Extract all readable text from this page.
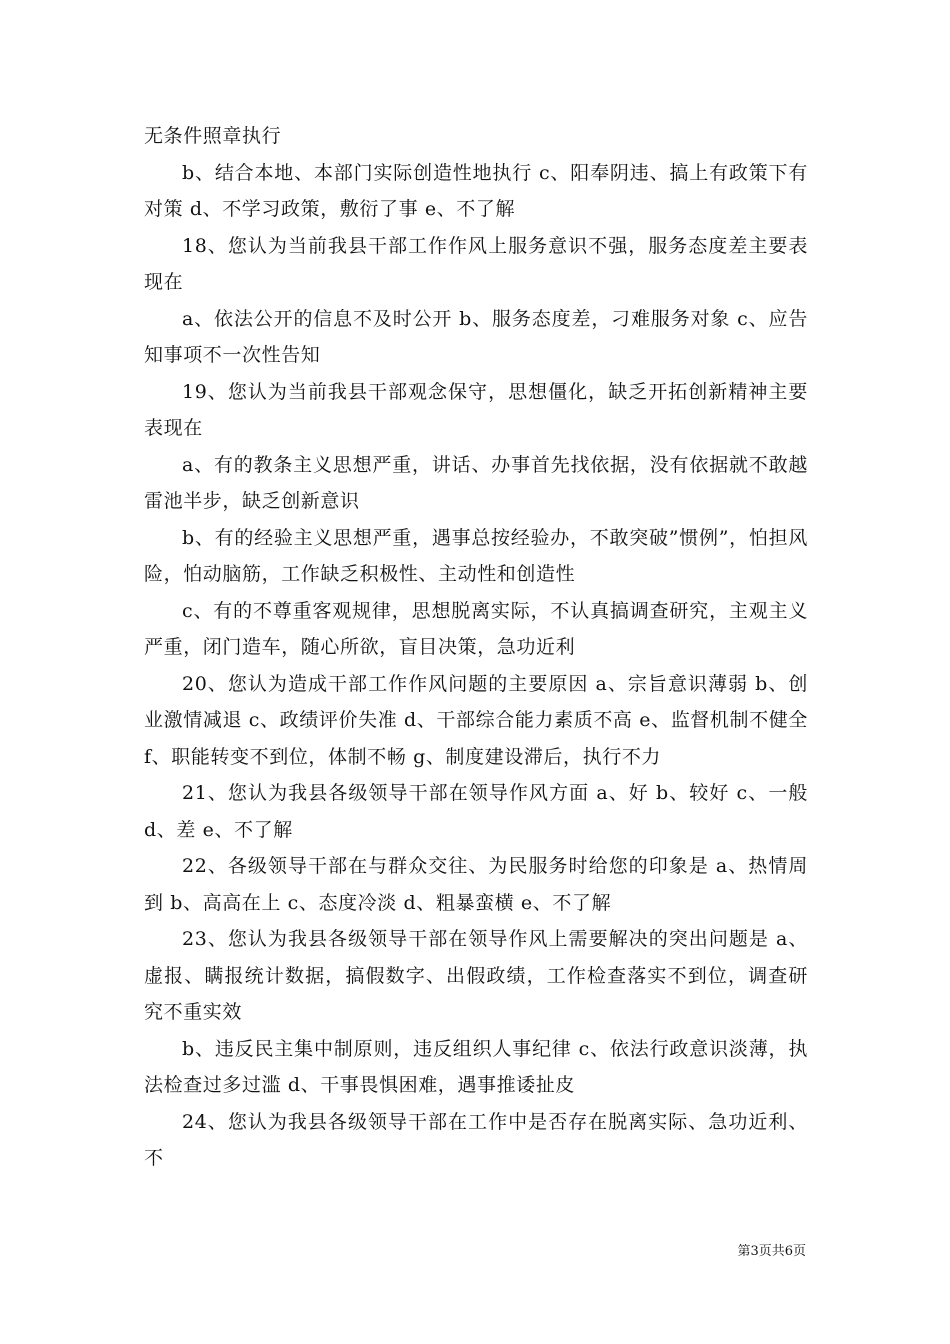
无条件照章执行

b、结合本地、本部门实际创造性地执行 c、阳奉阴违、搞上有政策下有对策 d、不学习政策，敷衍了事 e、不了解

18、您认为当前我县干部工作作风上服务意识不强，服务态度差主要表现在

a、依法公开的信息不及时公开 b、服务态度差，刁难服务对象 c、应告知事项不一次性告知

19、您认为当前我县干部观念保守，思想僵化，缺乏开拓创新精神主要表现在

a、有的教条主义思想严重，讲话、办事首先找依据，没有依据就不敢越雷池半步，缺乏创新意识

b、有的经验主义思想严重，遇事总按经验办，不敢突破”惯例”，怕担风险，怕动脑筋，工作缺乏积极性、主动性和创造性

c、有的不尊重客观规律，思想脱离实际，不认真搞调查研究，主观主义严重，闭门造车，随心所欲，盲目决策，急功近利

20、您认为造成干部工作作风问题的主要原因 a、宗旨意识薄弱 b、创业激情减退 c、政绩评价失准 d、干部综合能力素质不高 e、监督机制不健全 f、职能转变不到位，体制不畅 g、制度建设滞后，执行不力

21、您认为我县各级领导干部在领导作风方面 a、好 b、较好 c、一般 d、差 e、不了解

22、各级领导干部在与群众交往、为民服务时给您的印象是 a、热情周到 b、高高在上 c、态度冷淡 d、粗暴蛮横 e、不了解

23、您认为我县各级领导干部在领导作风上需要解决的突出问题是 a、虚报、瞒报统计数据，搞假数字、出假政绩，工作检查落实不到位，调查研究不重实效

b、违反民主集中制原则，违反组织人事纪律 c、依法行政意识淡薄，执法检查过多过滥 d、干事畏惧困难，遇事推诿扯皮

24、您认为我县各级领导干部在工作中是否存在脱离实际、急功近利、不

第3页共6页
